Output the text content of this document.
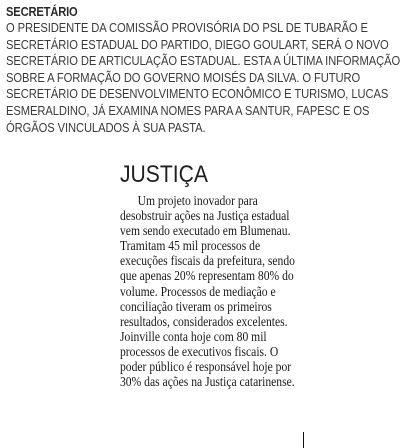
SECRETÁRIO
O PRESIDENTE DA COMISSÃO PROVISÓRIA DO PSL DE TUBARÃO E SECRETÁRIO ESTADUAL DO PARTIDO, DIEGO GOULART, SERÁ O NOVO SECRETÁRIO DE ARTICULAÇÃO ESTADUAL. ESTA A ÚLTIMA INFORMAÇÃO SOBRE A FORMAÇÃO DO GOVERNO MOISÉS DA SILVA. O FUTURO SECRETÁRIO DE DESENVOLVIMENTO ECONÔMICO E TURISMO, LUCAS ESMERALDINO, JÁ EXAMINA NOMES PARA A SANTUR, FAPESC E OS ÓRGÃOS VINCULADOS À SUA PASTA.
JUSTIÇA
Um projeto inovador para desobstruir ações na Justiça estadual vem sendo executado em Blumenau. Tramitam 45 mil processos de execuções fiscais da prefeitura, sendo que apenas 20% representam 80% do volume. Processos de mediação e conciliação tiveram os primeiros resultados, considerados excelentes. Joinville conta hoje com 80 mil processos de executivos fiscais. O poder público é responsável hoje por 30% das ações na Justiça catarinense.
